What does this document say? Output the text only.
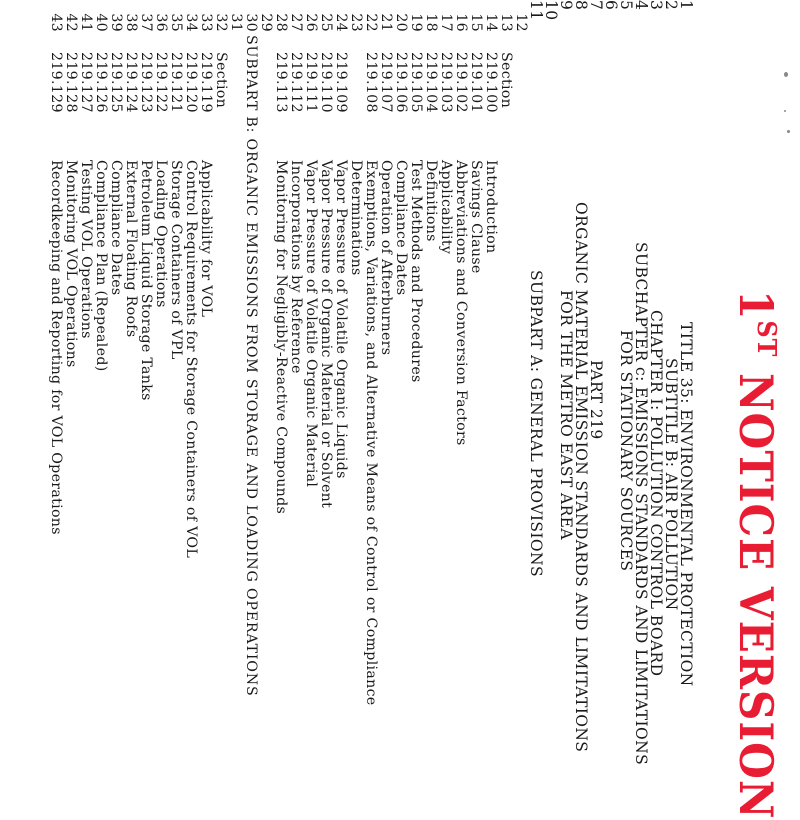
1ST NOTICE VERSION
1
TITLE 35: ENVIRONMENTAL PROTECTION
2
SUBTITLE B: AIR POLLUTION
3
CHAPTER I: POLLUTION CONTROL BOARD
4
SUBCHAPTER c: EMISSIONS STANDARDS AND LIMITATIONS
5
FOR STATIONARY SOURCES
6
7
PART 219
8
ORGANIC MATERIAL EMISSION STANDARDS AND LIMITATIONS
9
FOR THE METRO EAST AREA
10
11
SUBPART A: GENERAL PROVISIONS
12
13
Section
14
219.100
Introduction
15
219.101
Savings Clause
16
219.102
Abbreviations and Conversion Factors
17
219.103
Applicability
18
219.104
Definitions
19
219.105
Test Methods and Procedures
20
219.106
Compliance Dates
21
219.107
Operation of Afterburners
22
219.108
Exemptions, Variations, and Alternative Means of Control or Compliance
23
Determinations
24
219.109
Vapor Pressure of Volatile Organic Liquids
25
219.110
Vapor Pressure of Organic Material or Solvent
26
219.111
Vapor Pressure of Volatile Organic Material
27
219.112
Incorporations by Reference
28
219.113
Monitoring for Negligibly-Reactive Compounds
29
30
SUBPART B: ORGANIC EMISSIONS FROM STORAGE AND LOADING OPERATIONS
31
32
Section
33
219.119
Applicability for VOL
34
219.120
Control Requirements for Storage Containers of VOL
35
219.121
Storage Containers of VPL
36
219.122
Loading Operations
37
219.123
Petroleum Liquid Storage Tanks
38
219.124
External Floating Roofs
39
219.125
Compliance Dates
40
219.126
Compliance Plan (Repealed)
41
219.127
Testing VOL Operations
42
219.128
Monitoring VOL Operations
43
219.129
Recordkeeping and Reporting for VOL Operations
